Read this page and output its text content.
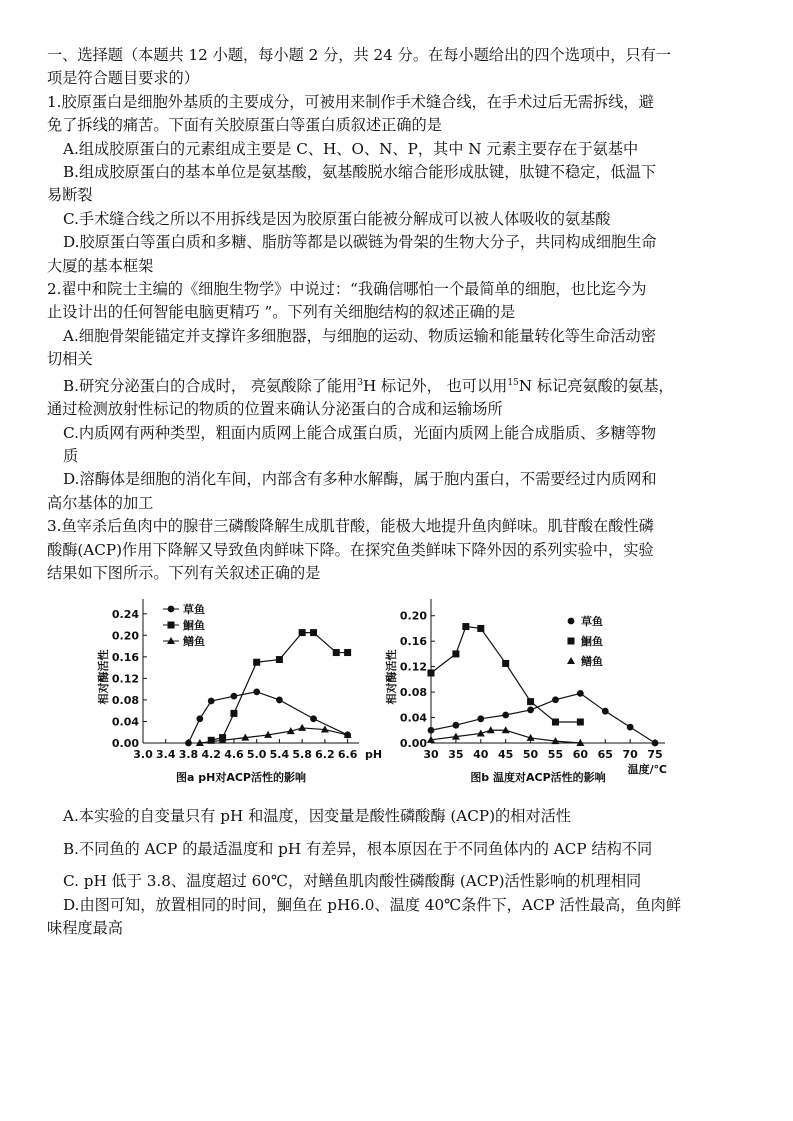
一、选择题（本题共 12 小题，每小题 2 分，共 24 分。在每小题给出的四个选项中，只有一
项是符合题目要求的）
1.胶原蛋白是细胞外基质的主要成分，可被用来制作手术缝合线，在手术过后无需拆线，避
免了拆线的痛苦。下面有关胶原蛋白等蛋白质叙述正确的是
A.组成胶原蛋白的元素组成主要是 C、H、O、N、P，其中 N 元素主要存在于氨基中
B.组成胶原蛋白的基本单位是氨基酸，氨基酸脱水缩合能形成肽键，肽键不稳定，低温下
易断裂
C.手术缝合线之所以不用拆线是因为胶原蛋白能被分解成可以被人体吸收的氨基酸
D.胶原蛋白等蛋白质和多糖、脂肪等都是以碳链为骨架的生物大分子，共同构成细胞生命
大厦的基本框架
2.翟中和院士主编的《细胞生物学》中说过：“我确信哪怕一个最简单的细胞，也比迄今为
止设计出的任何智能电脑更精巧 ”。下列有关细胞结构的叙述正确的是
A.细胞骨架能锚定并支撑许多细胞器，与细胞的运动、物质运输和能量转化等生命活动密
切相关
B.研究分泌蛋白的合成时， 亮氨酸除了能用$^3$H 标记外， 也可以用$^{15}$N 标记亮氨酸的氨基，
通过检测放射性标记的物质的位置来确认分泌蛋白的合成和运输场所
C.内质网有两种类型，粗面内质网上能合成蛋白质，光面内质网上能合成脂质、多糖等物
质
D.溶酶体是细胞的消化车间，内部含有多种水解酶，属于胞内蛋白，不需要经过内质网和
高尔基体的加工
3.鱼宰杀后鱼肉中的腺苷三磷酸降解生成肌苷酸，能极大地提升鱼肉鲜味。肌苷酸在酸性磷
酸酶(ACP)作用下降解又导致鱼肉鲜味下降。在探究鱼类鲜味下降外因的系列实验中，实验
结果如下图所示。下列有关叙述正确的是
0.00
0.04
0.08
0.12
0.16
0.20
0.24
3.0 3.4 3.8 4.2 4.6 5.0 5.4 5.8 6.2 6.6 pH
相对酶活性
图a pH对ACP活性的影响
草鱼
鮰鱼
鳝鱼
0.00
0.04
0.08
0.12
0.16
0.20
30 35 40 45 50 55 60 65 70 75
温度/℃
相对酶活性
图b 温度对ACP活性的影响
草鱼
鮰鱼
鳝鱼
A.本实验的自变量只有 pH 和温度，因变量是酸性磷酸酶 (ACP)的相对活性
B.不同鱼的 ACP 的最适温度和 pH 有差异，根本原因在于不同鱼体内的 ACP 结构不同
C. pH 低于 3.8、温度超过 60℃，对鳝鱼肌肉酸性磷酸酶 (ACP)活性影响的机理相同
D.由图可知，放置相同的时间，鮰鱼在 pH6.0、温度 40℃条件下，ACP 活性最高，鱼肉鲜
味程度最高
